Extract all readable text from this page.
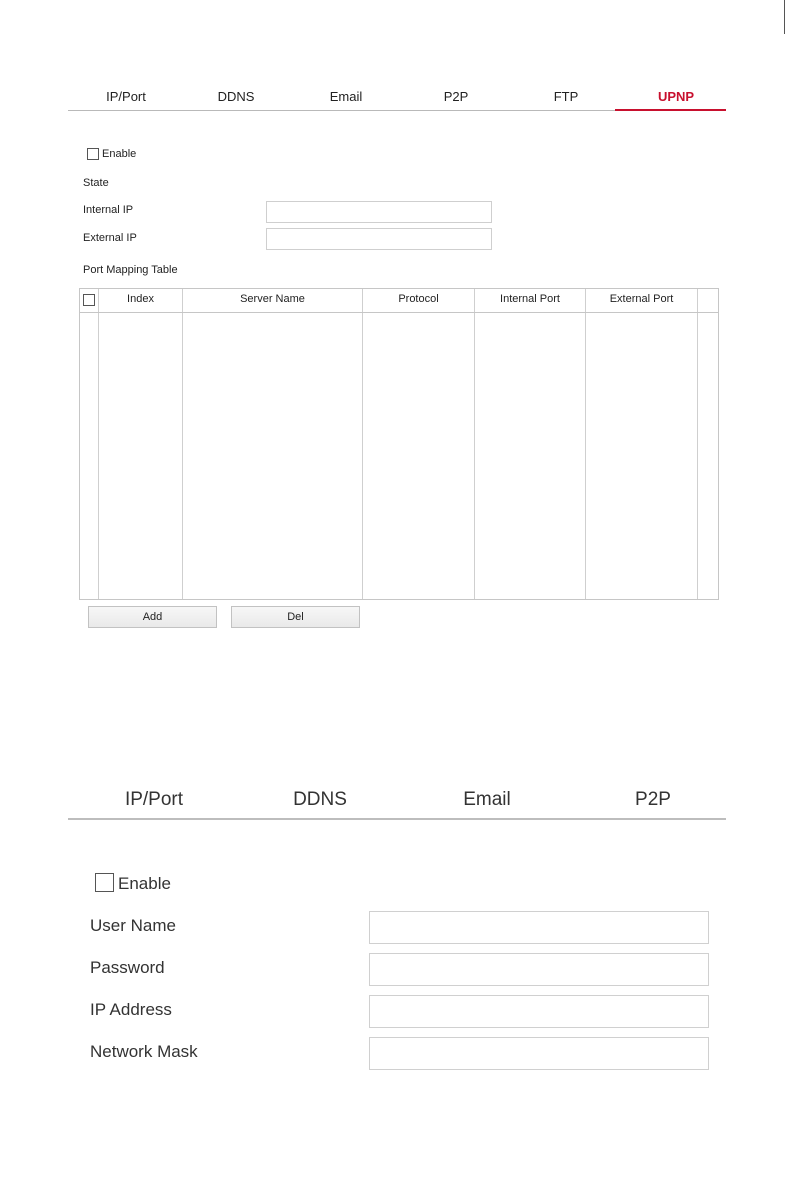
IP/Port	DDNS	Email	P2P	FTP	UPNP
Enable
State
Internal IP
External IP
Port Mapping Table
Index	Server Name	Protocol	Internal Port	External Port
Add	Del
IP/Port	DDNS	Email	P2P
Enable
User Name
Password
IP Address
Network Mask
